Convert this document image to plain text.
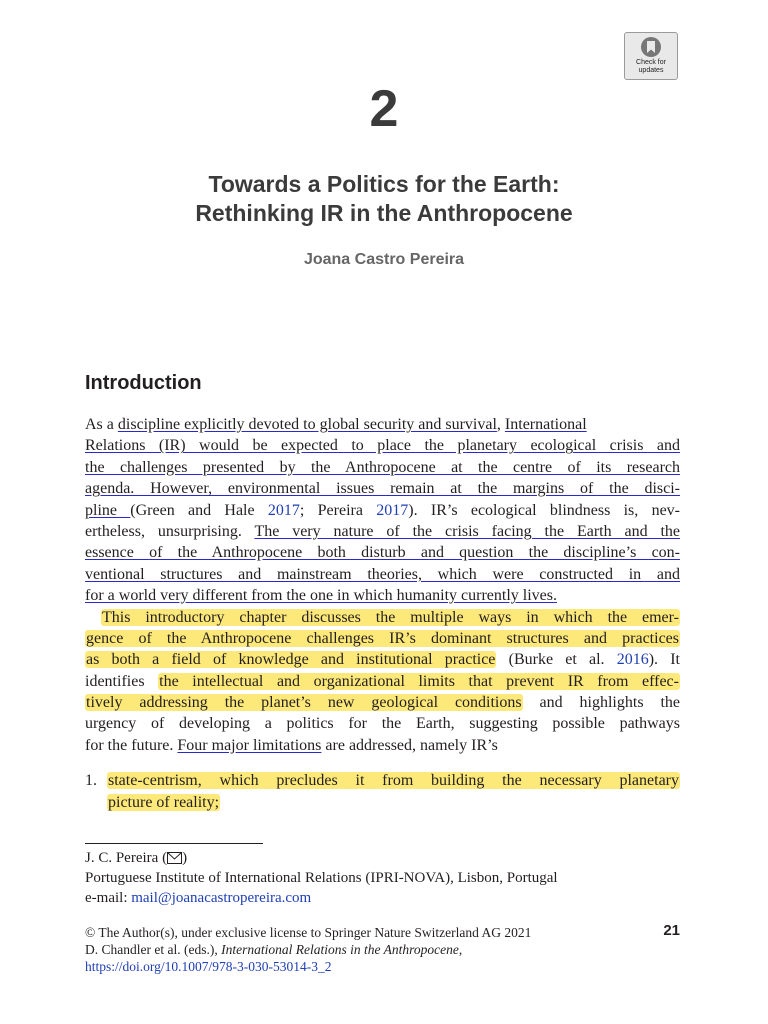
Check for
updates
2
Towards a Politics for the Earth:
Rethinking IR in the Anthropocene
Joana Castro Pereira
Introduction
As a discipline explicitly devoted to global security and survival, International
Relations (IR) would be expected to place the planetary ecological crisis and
the challenges presented by the Anthropocene at the centre of its research
agenda. However, environmental issues remain at the margins of the disci-
pline (Green and Hale 2017; Pereira 2017). IR’s ecological blindness is, nev-
ertheless, unsurprising. The very nature of the crisis facing the Earth and the
essence of the Anthropocene both disturb and question the discipline’s con-
ventional structures and mainstream theories, which were constructed in and
for a world very different from the one in which humanity currently lives.
This introductory chapter discusses the multiple ways in which the emer-
gence of the Anthropocene challenges IR’s dominant structures and practices
as both a field of knowledge and institutional practice (Burke et al. 2016). It
identifies the intellectual and organizational limits that prevent IR from effec-
tively addressing the planet’s new geological conditions and highlights the
urgency of developing a politics for the Earth, suggesting possible pathways
for the future. Four major limitations are addressed, namely IR’s
1. state-centrism, which precludes it from building the necessary planetary
picture of reality;
J. C. Pereira ( )
Portuguese Institute of International Relations (IPRI-NOVA), Lisbon, Portugal
e-mail: mail@joanacastropereira.com
© The Author(s), under exclusive license to Springer Nature Switzerland AG 2021
D. Chandler et al. (eds.), International Relations in the Anthropocene,
https://doi.org/10.1007/978-3-030-53014-3_2
21
